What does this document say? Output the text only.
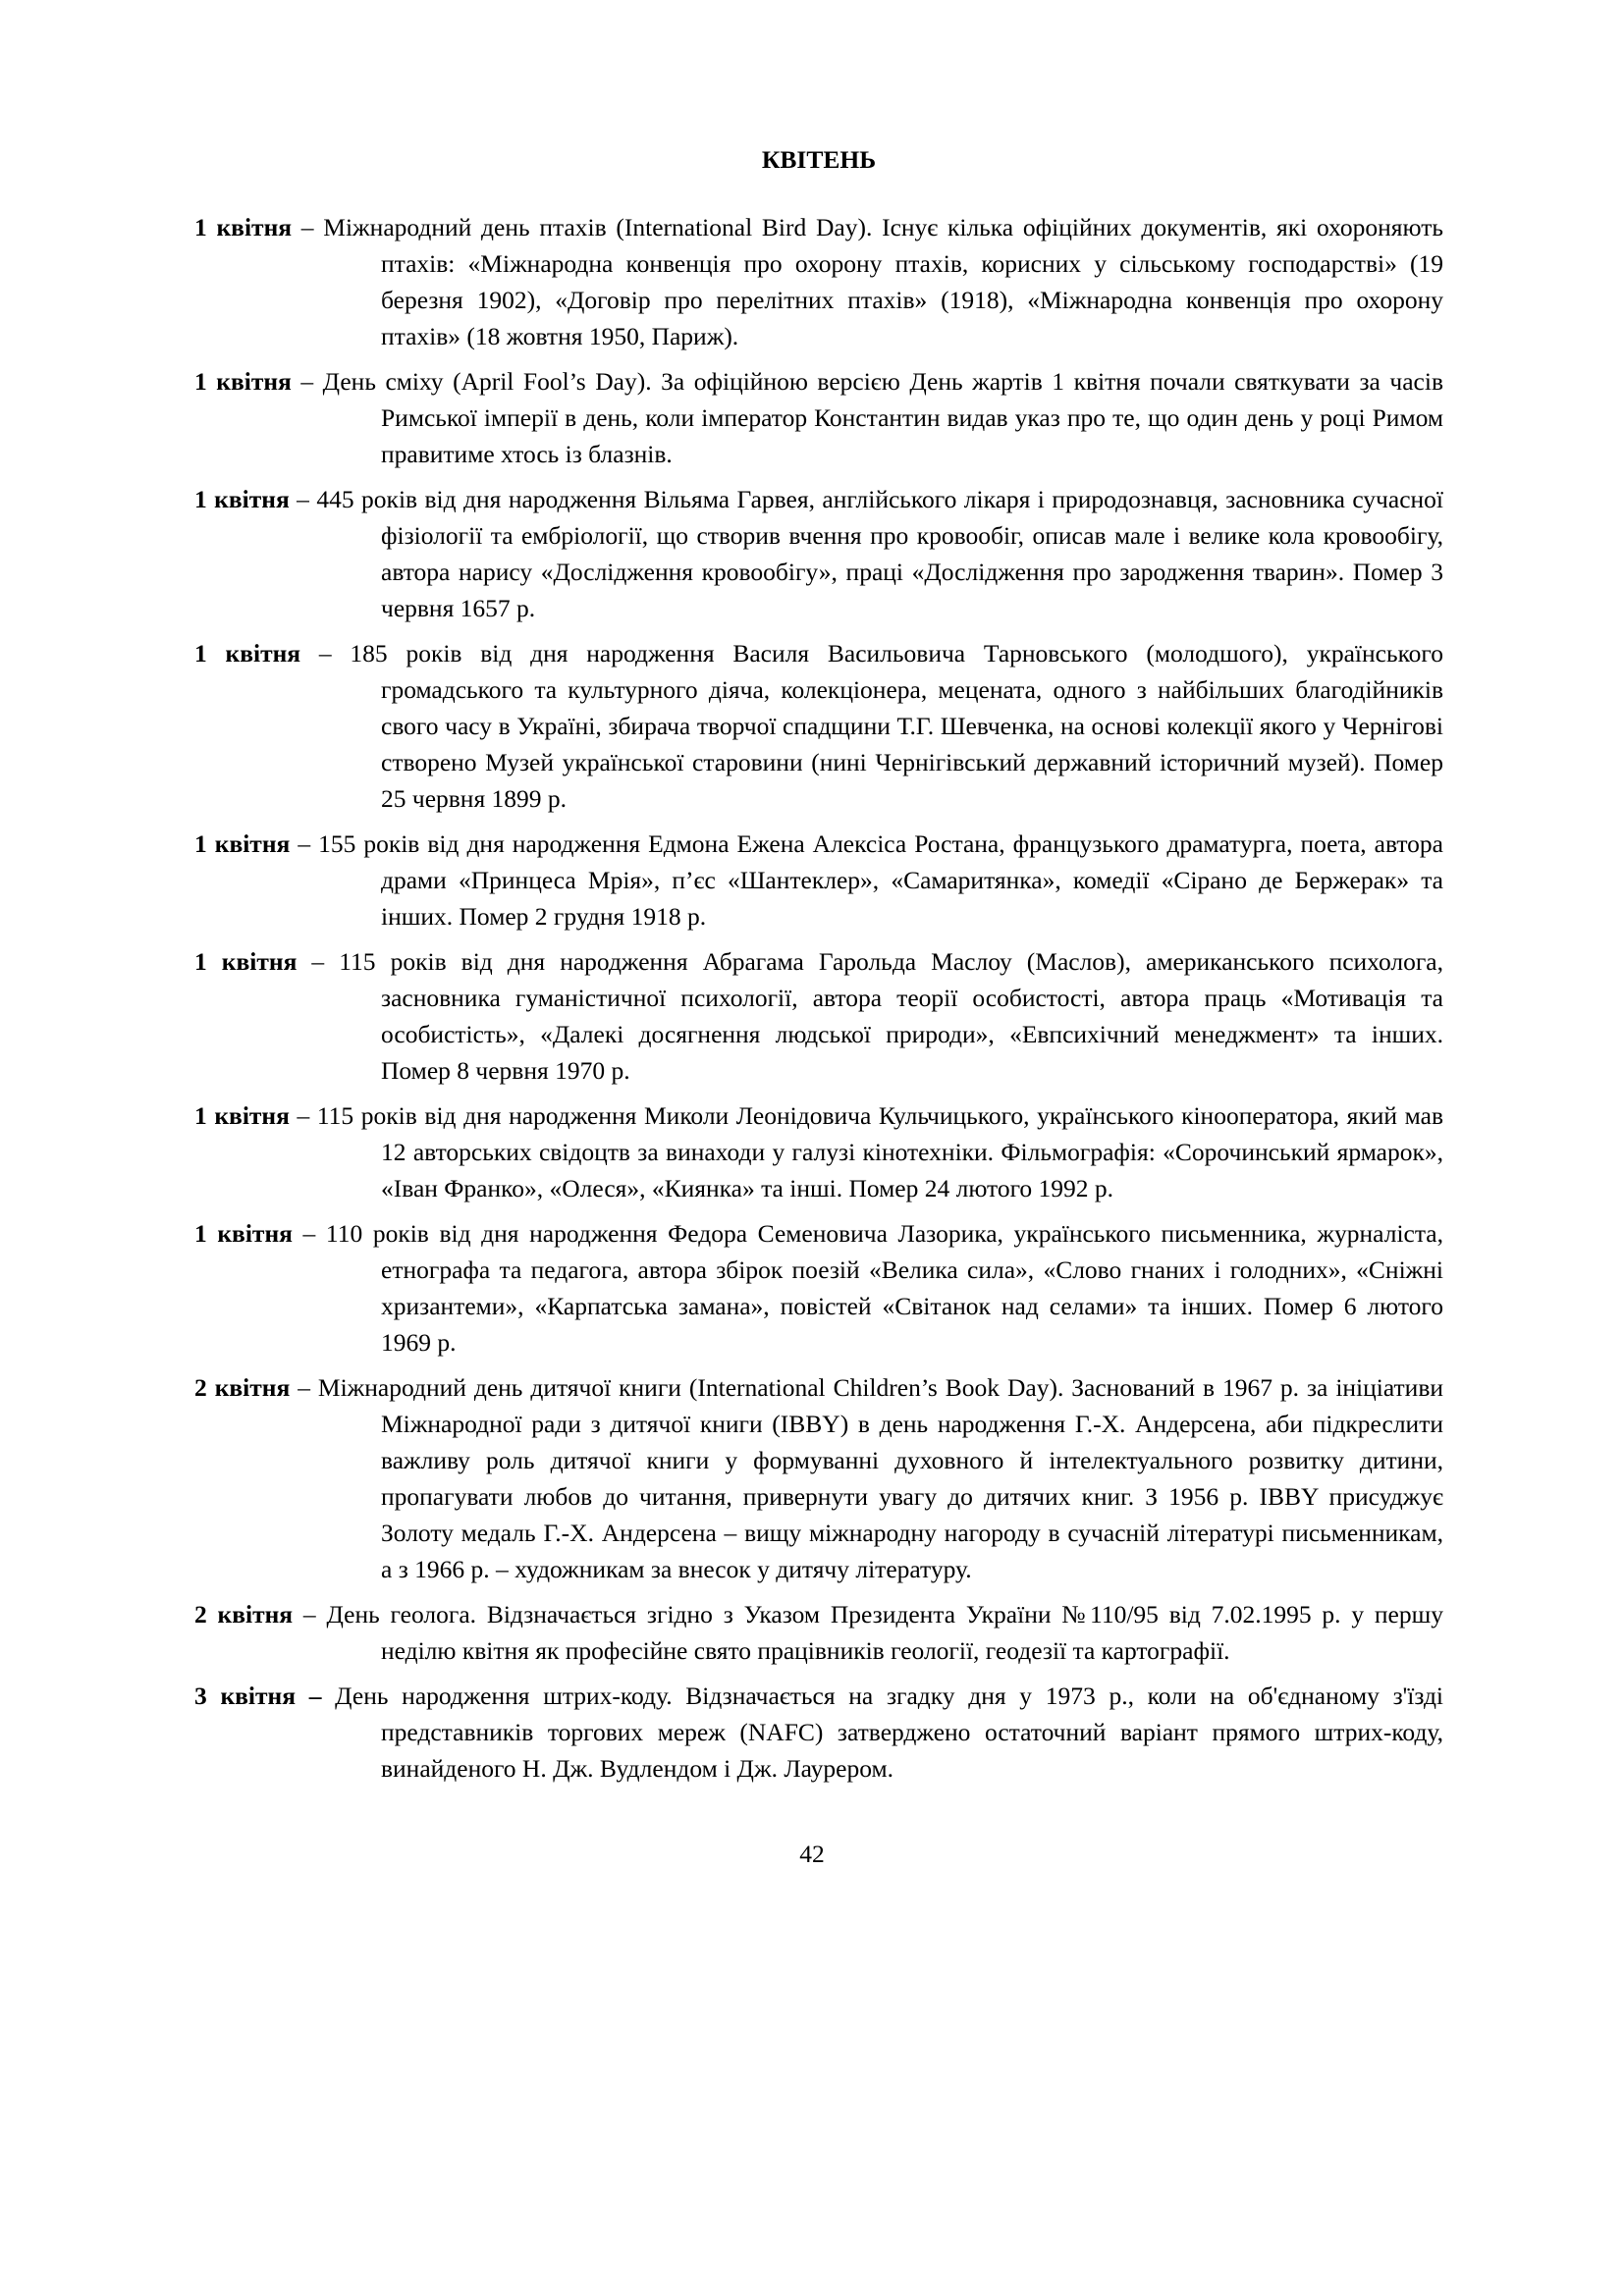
КВІТЕНЬ

1 квітня – Міжнародний день птахів (International Bird Day). Існує кілька офіційних документів, які охороняють птахів: «Міжнародна конвенція про охорону птахів, корисних у сільському господарстві» (19 березня 1902), «Договір про перелітних птахів» (1918), «Міжнародна конвенція про охорону птахів» (18 жовтня 1950, Париж).

1 квітня – День сміху (April Fool’s Day). За офіційною версією День жартів 1 квітня почали святкувати за часів Римської імперії в день, коли імператор Константин видав указ про те, що один день у році Римом правитиме хтось із блазнів.

1 квітня – 445 років від дня народження Вільяма Гарвея, англійського лікаря і природознавця, засновника сучасної фізіології та ембріології, що створив вчення про кровообіг, описав мале і велике кола кровообігу, автора нарису «Дослідження кровообігу», праці «Дослідження про зародження тварин». Помер 3 червня 1657 р.

1 квітня – 185 років від дня народження Василя Васильовича Тарновського (молодшого), українського громадського та культурного діяча, колекціонера, мецената, одного з найбільших благодійників свого часу в Україні, збирача творчої спадщини Т.Г. Шевченка, на основі колекції якого у Чернігові створено Музей української старовини (нині Чернігівський державний історичний музей). Помер 25 червня 1899 р.

1 квітня – 155 років від дня народження Едмона Ежена Алексіса Ростана, французького драматурга, поета, автора драми «Принцеса Мрія», п’єс «Шантеклер», «Самаритянка», комедії «Сірано де Бержерак» та інших. Помер 2 грудня 1918 р.

1 квітня – 115 років від дня народження Абрагама Гарольда Маслоу (Маслов), американського психолога, засновника гуманістичної психології, автора теорії особистості, автора праць «Мотивація та особистість», «Далекі досягнення людської природи», «Евпсихічний менеджмент» та інших. Помер 8 червня 1970 р.

1 квітня – 115 років від дня народження Миколи Леонідовича Кульчицького, українського кінооператора, який мав 12 авторських свідоцтв за винаходи у галузі кінотехніки. Фільмографія: «Сорочинський ярмарок», «Іван Франко», «Олеся», «Киянка» та інші. Помер 24 лютого 1992 р.

1 квітня – 110 років від дня народження Федора Семеновича Лазорика, українського письменника, журналіста, етнографа та педагога, автора збірок поезій «Велика сила», «Слово гнаних і голодних», «Сніжні хризантеми», «Карпатська замана», повістей «Світанок над селами» та інших. Помер 6 лютого 1969 р.

2 квітня – Міжнародний день дитячої книги (International Children’s Book Day). Заснований в 1967 р. за ініціативи Міжнародної ради з дитячої книги (IBBY) в день народження Г.-Х. Андерсена, аби підкреслити важливу роль дитячої книги у формуванні духовного й інтелектуального розвитку дитини, пропагувати любов до читання, привернути увагу до дитячих книг. З 1956 р. IBBY присуджує Золоту медаль Г.-Х. Андерсена – вищу міжнародну нагороду в сучасній літературі письменникам, а з 1966 р. – художникам за внесок у дитячу літературу.

2 квітня – День геолога. Відзначається згідно з Указом Президента України №110/95 від 7.02.1995 р. у першу неділю квітня як професійне свято працівників геології, геодезії та картографії.

3 квітня – День народження штрих-коду. Відзначається на згадку дня у 1973 р., коли на об'єднаному з'їзді представників торгових мереж (NAFC) затверджено остаточний варіант прямого штрих-коду, винайденого Н. Дж. Вудлендом і Дж. Лаурером.

42
